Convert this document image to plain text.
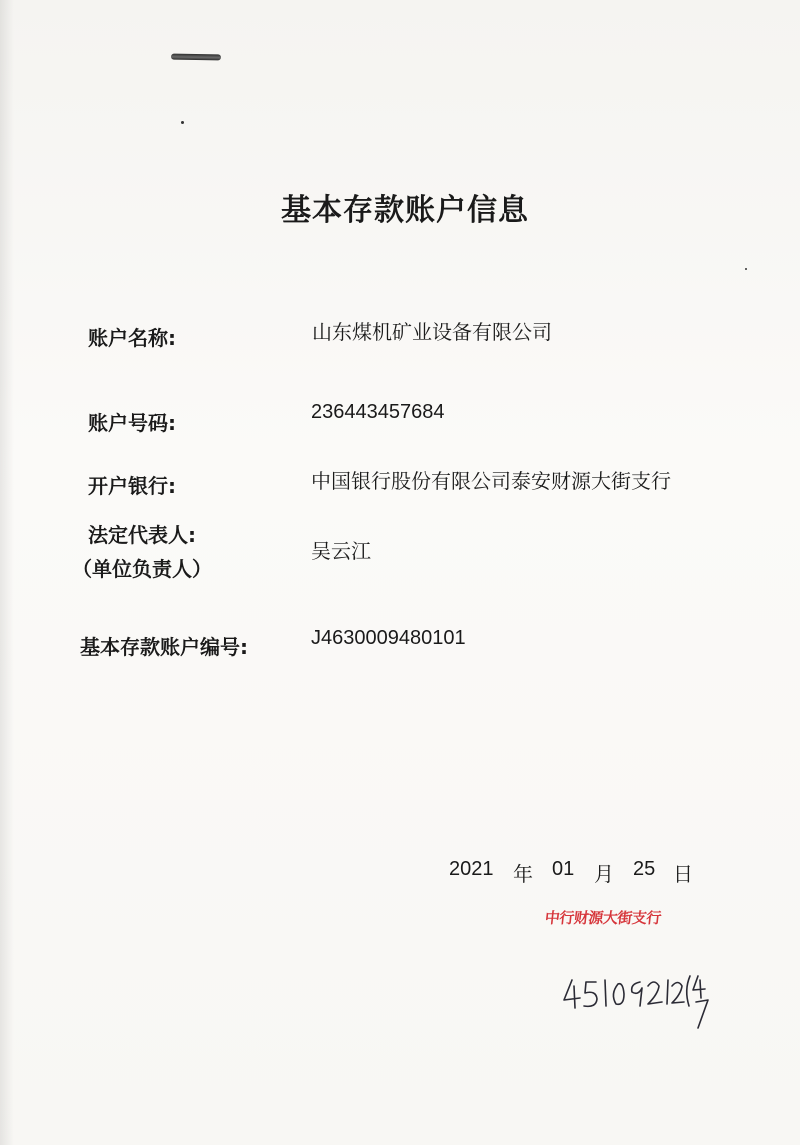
基本存款账户信息
账户名称:	山东煤机矿业设备有限公司
账户号码:	236443457684
开户银行:	中国银行股份有限公司泰安财源大街支行
法定代表人:
（单位负责人）
吴云江
基本存款账户编号:	J4630009480101
2021 年 01 月 25 日
中行财源大街支行
